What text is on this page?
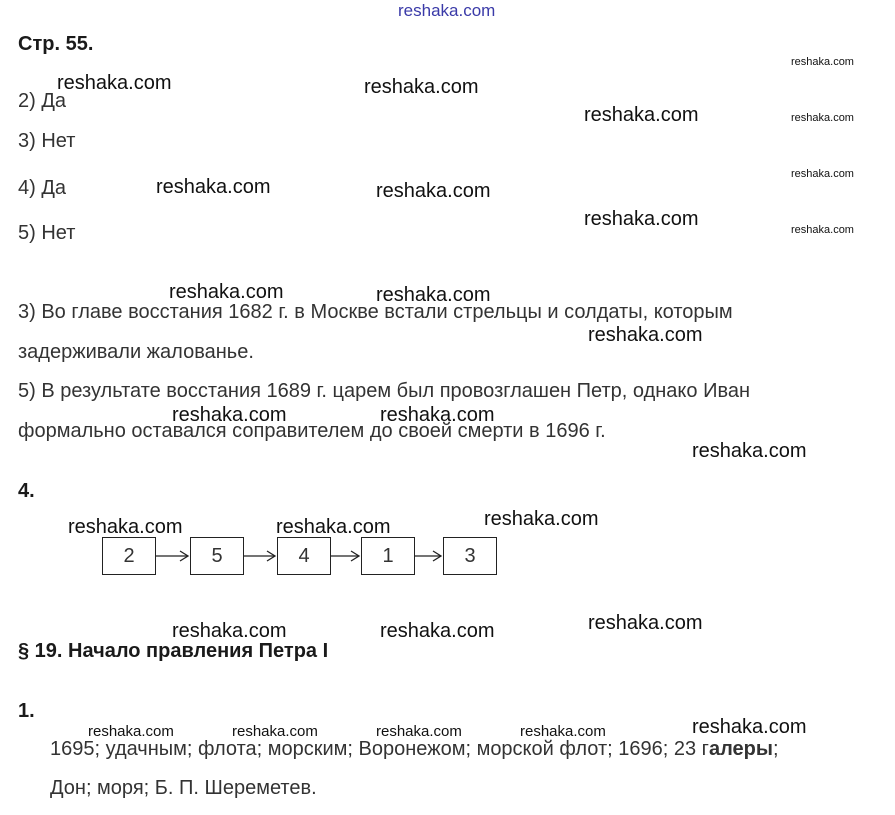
reshaka.com
Стр. 55.
2) Да
3) Нет
4) Да
5) Нет
3) Во главе восстания 1682 г. в Москве встали стрельцы и солдаты, которым
задерживали жалованье.
5) В результате восстания 1689 г. царем был провозглашен Петр, однако Иван
формально оставался соправителем до своей смерти в 1696 г.
4.
2	5	4	1	3
§ 19. Начало правления Петра I
1.
1695; удачным; флота; морским; Воронежом; морской флот; 1696; 23 галеры;
Дон; моря; Б. П. Шереметев.
reshaka.com
reshaka.com
reshaka.com
reshaka.com
reshaka.com	reshaka.com
reshaka.com
reshaka.com	reshaka.com
reshaka.com
reshaka.com	reshaka.com
reshaka.com
reshaka.com	reshaka.com
reshaka.com
reshaka.com	reshaka.com	reshaka.com
reshaka.com	reshaka.com	reshaka.com
reshaka.com	reshaka.com	reshaka.com	reshaka.com	reshaka.com
